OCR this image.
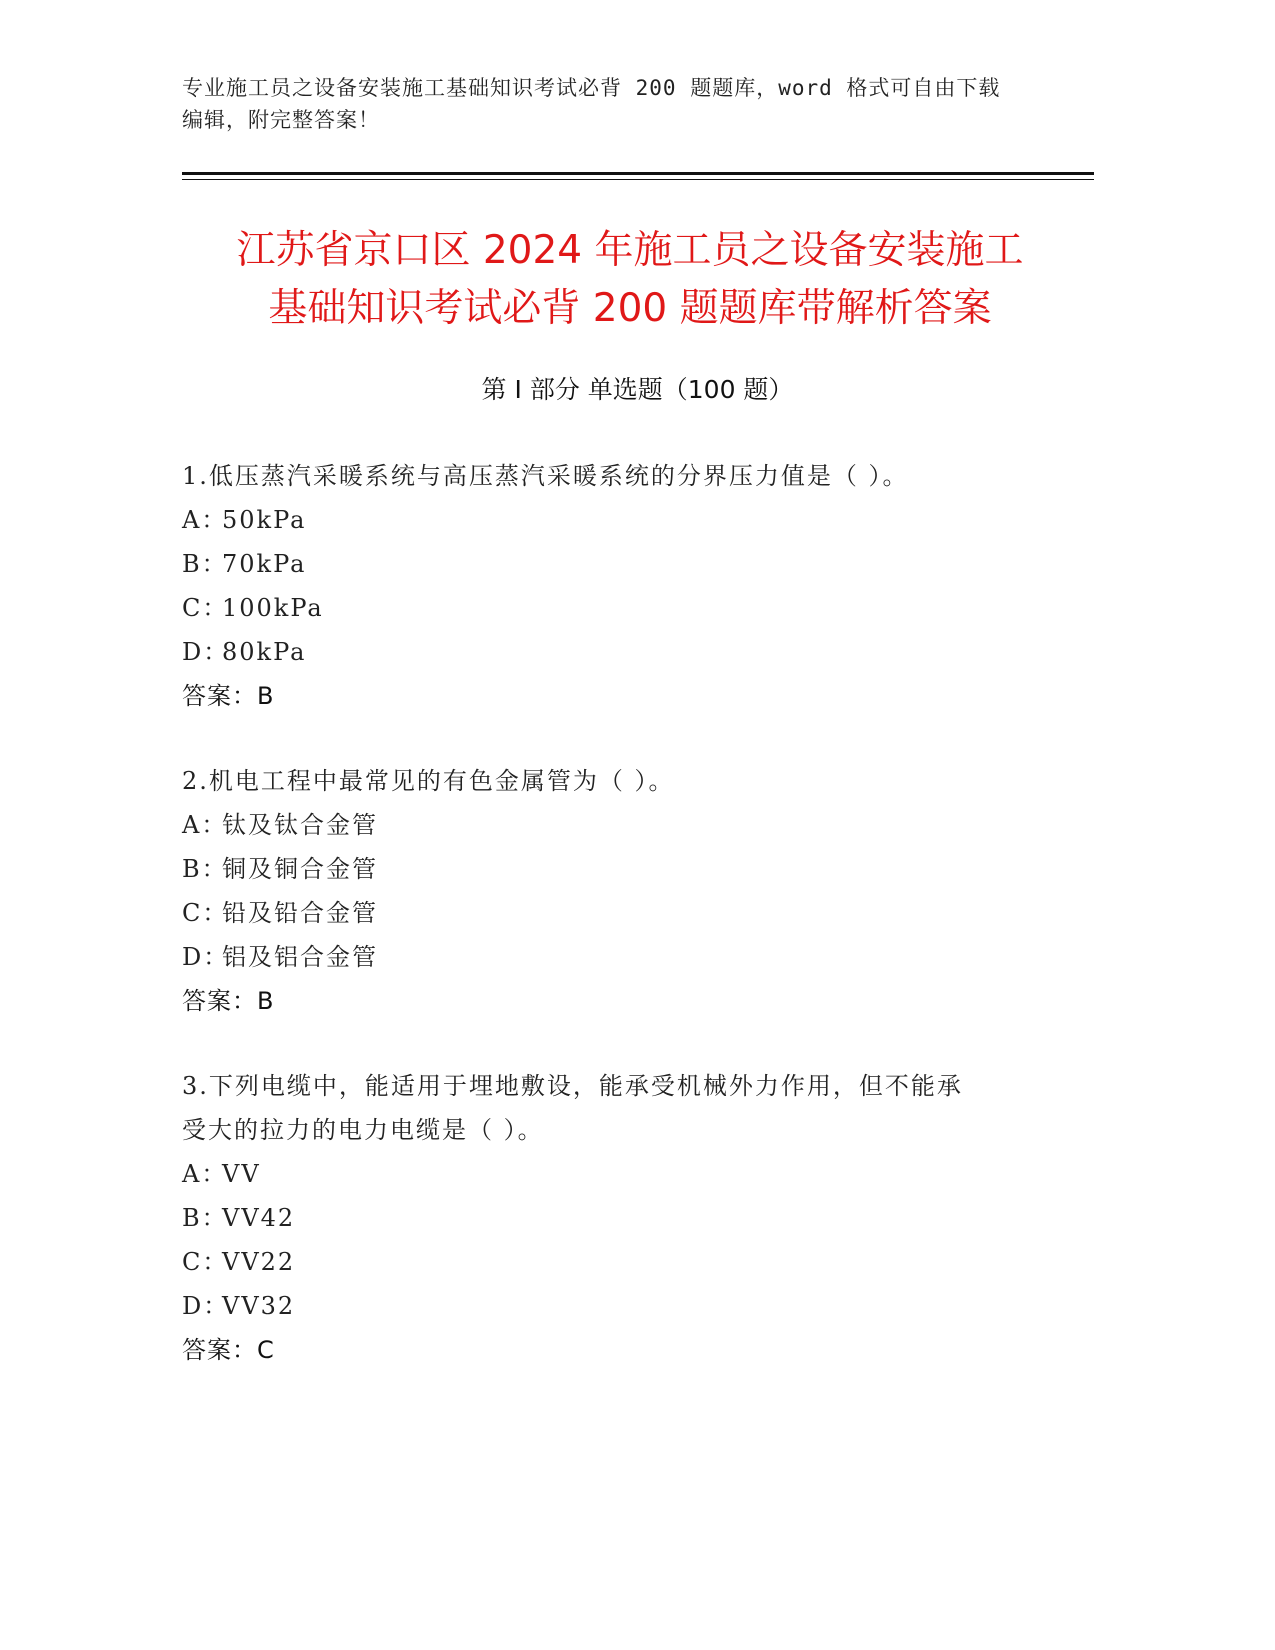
专业施工员之设备安装施工基础知识考试必背 200 题题库，word 格式可自由下载
编辑，附完整答案！
江苏省京口区 2024 年施工员之设备安装施工
基础知识考试必背 200 题题库带解析答案
第 I 部分 单选题（100 题）

1.低压蒸汽采暖系统与高压蒸汽采暖系统的分界压力值是（ ）。

A：50kPa

B：70kPa

C：100kPa

D：80kPa

答案：B

2.机电工程中最常见的有色金属管为（ ）。

A：钛及钛合金管

B：铜及铜合金管

C：铅及铅合金管

D：铝及铝合金管

答案：B

3.下列电缆中，能适用于埋地敷设，能承受机械外力作用，但不能承

受大的拉力的电力电缆是（ ）。

A：VV

B：VV42

C：VV22

D：VV32

答案：C
